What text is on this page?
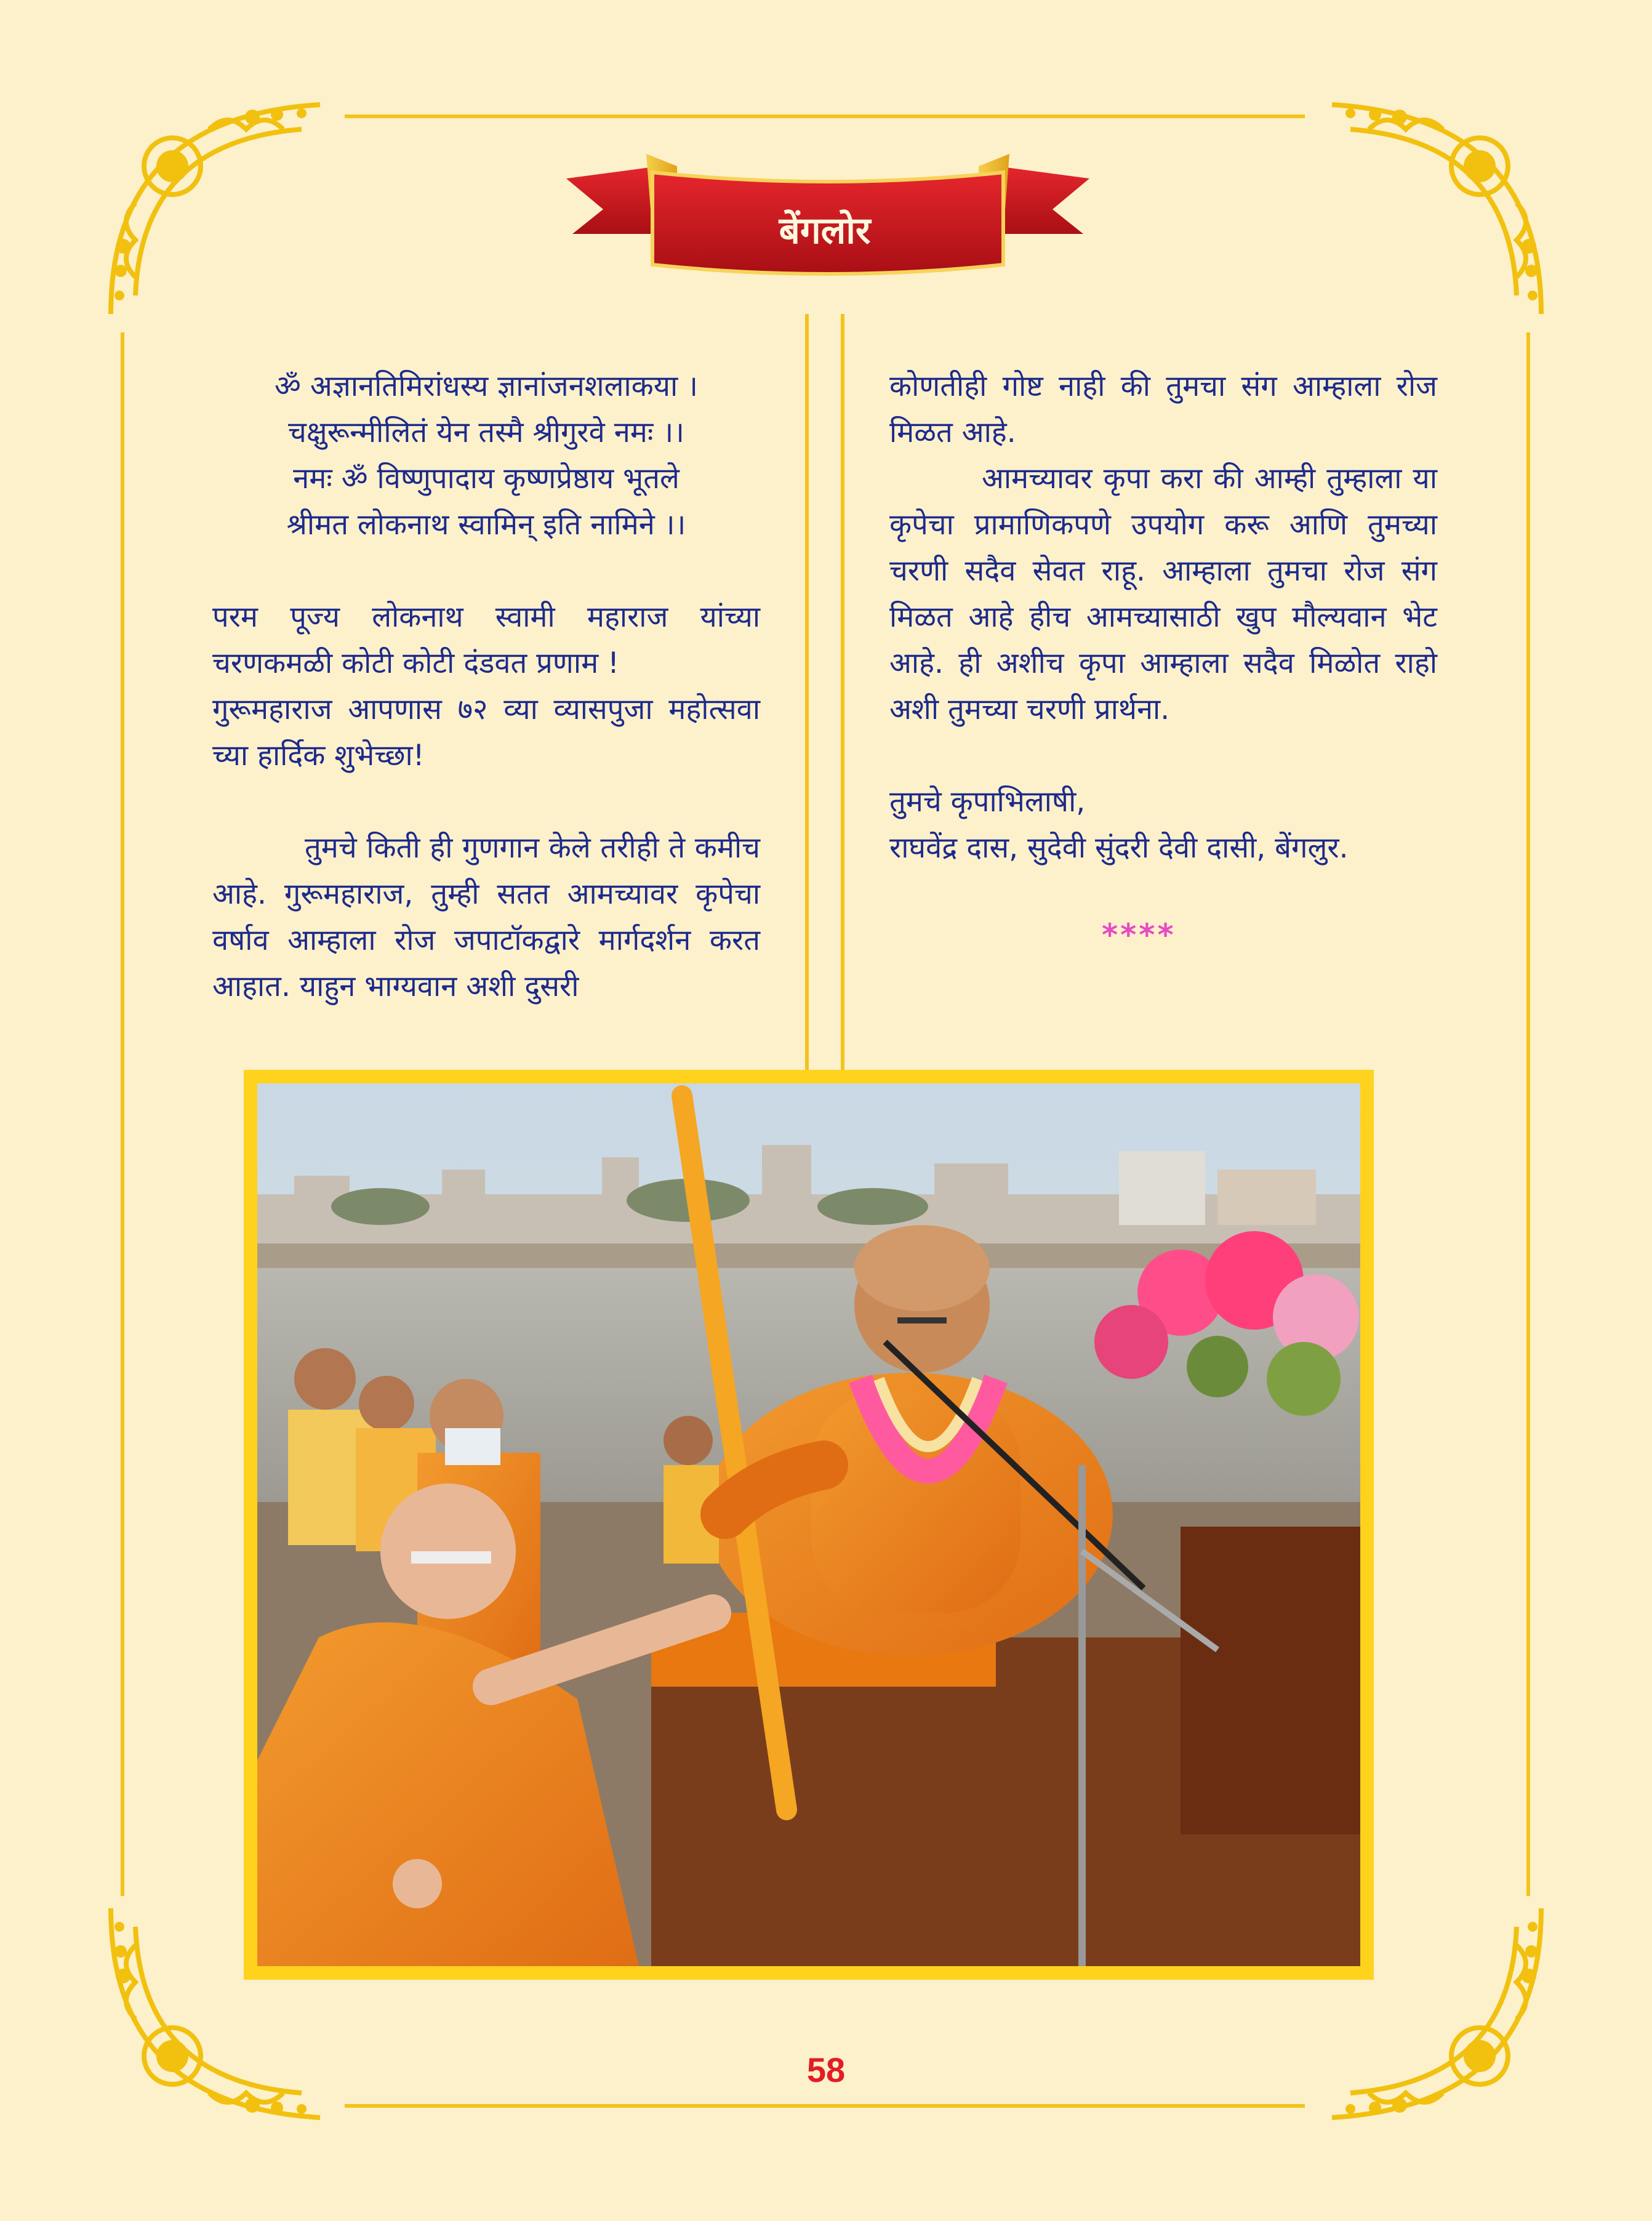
बेंगलोर

ॐ अज्ञानतिमिरांधस्य ज्ञानांजनशलाकया ।

चक्षुरून्मीलितं येन तस्मै श्रीगुरवे नमः ।।

नमः ॐ विष्णुपादाय कृष्णप्रेष्ठाय भूतले

श्रीमत लोकनाथ स्वामिन् इति नामिने ।।

परम पूज्य लोकनाथ स्वामी महाराज यांच्या चरणकमळी कोटी कोटी दंडवत प्रणाम !

गुरूमहाराज आपणास ७२ व्या व्यासपुजा महोत्सवा च्या हार्दिक शुभेच्छा!

तुमचे किती ही गुणगान केले तरीही ते कमीच आहे. गुरूमहाराज, तुम्ही सतत आमच्यावर कृपेचा वर्षाव आम्हाला रोज जपाटॉकद्वारे मार्गदर्शन करत आहात. याहुन भाग्यवान अशी दुसरी

कोणतीही गोष्ट नाही की तुमचा संग आम्हाला रोज मिळत आहे.

आमच्यावर कृपा करा की आम्ही तुम्हाला या कृपेचा प्रामाणिकपणे उपयोग करू आणि तुमच्या चरणी सदैव सेवत राहू. आम्हाला तुमचा रोज संग मिळत आहे हीच आमच्यासाठी खुप मौल्यवान भेट आहे. ही अशीच कृपा आम्हाला सदैव मिळोत राहो अशी तुमच्या चरणी प्रार्थना.

तुमचे कृपाभिलाषी,

राघवेंद्र दास, सुदेवी सुंदरी देवी दासी, बेंगलुर.

****
58
